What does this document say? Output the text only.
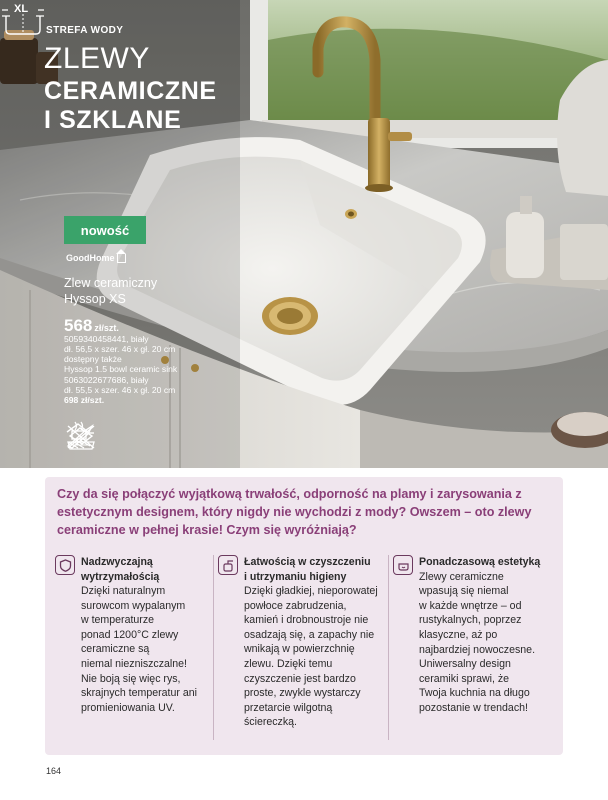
STREFA WODY
ZLEWY
CERAMICZNE
I SZKLANE
nowość
GoodHome
Zlew ceramiczny
Hyssop XS
568 zł/szt.
5059340458441, biały
dł. 56,5 x szer. 46 x gł. 20 cm
dostępny także
Hyssop 1.5 bowl ceramic sink
5063022677686, biały
dł. 55,5 x szer. 46 x gł. 20 cm
698 zł/szt.
XL
Czy da się połączyć wyjątkową trwałość, odporność na plamy i zarysowania z estetycznym designem, który nigdy nie wychodzi z mody? Owszem – oto zlewy ceramiczne w pełnej krasie! Czym się wyróżniają?
Nadzwyczajną
wytrzymałością
Dzięki naturalnym
surowcom wypalanym
w temperaturze
ponad 1200°C zlewy
ceramiczne są
niemal niezniszczalne!
Nie boją się więc rys,
skrajnych temperatur ani
promieniowania UV.
Łatwością w czyszczeniu
i utrzymaniu higieny
Dzięki gładkiej, nieporowatej
powłoce zabrudzenia,
kamień i drobnoustroje nie
osadzają się, a zapachy nie
wnikają w powierzchnię
zlewu. Dzięki temu
czyszczenie jest bardzo
proste, zwykle wystarczy
przetarcie wilgotną
ściereczką.
Ponadczasową estetyką
Zlewy ceramiczne
wpasują się niemal
w każde wnętrze – od
rustykalnych, poprzez
klasyczne, aż po
najbardziej nowoczesne.
Uniwersalny design
ceramiki sprawi, że
Twoja kuchnia na długo
pozostanie w trendach!
164
